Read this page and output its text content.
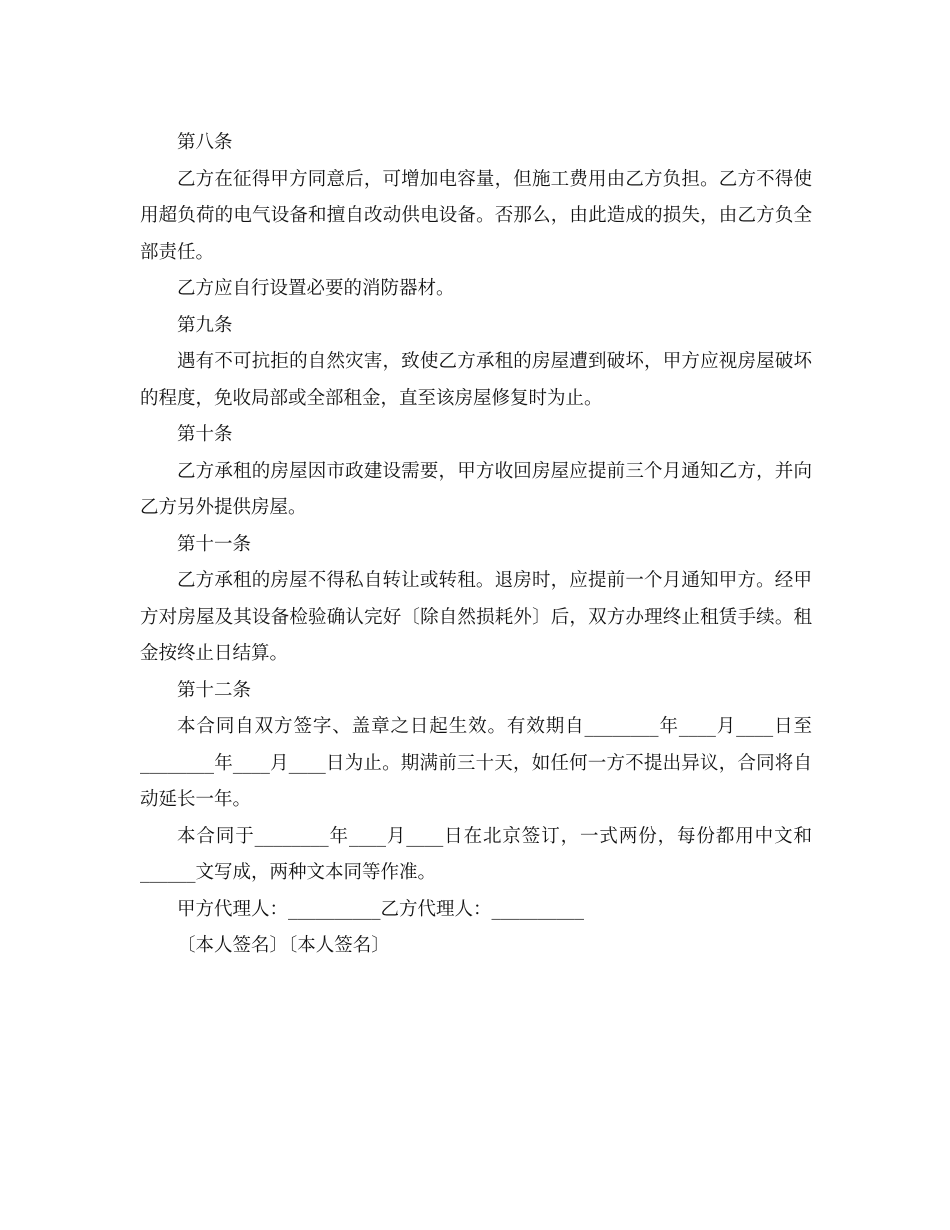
第八条
乙方在征得甲方同意后，可增加电容量，但施工费用由乙方负担。乙方不得使用超负荷的电气设备和擅自改动供电设备。否那么，由此造成的损失，由乙方负全部责任。
乙方应自行设置必要的消防器材。
第九条
遇有不可抗拒的自然灾害，致使乙方承租的房屋遭到破坏，甲方应视房屋破坏的程度，免收局部或全部租金，直至该房屋修复时为止。
第十条
乙方承租的房屋因市政建设需要，甲方收回房屋应提前三个月通知乙方，并向乙方另外提供房屋。
第十一条
乙方承租的房屋不得私自转让或转租。退房时，应提前一个月通知甲方。经甲方对房屋及其设备检验确认完好〔除自然损耗外〕后，双方办理终止租赁手续。租金按终止日结算。
第十二条
本合同自双方签字、盖章之日起生效。有效期自________年____月____日至________年____月____日为止。期满前三十天，如任何一方不提出异议，合同将自动延长一年。
本合同于________年____月____日在北京签订，一式两份，每份都用中文和______文写成，两种文本同等作准。
甲方代理人：__________乙方代理人：__________
〔本人签名〕〔本人签名〕
